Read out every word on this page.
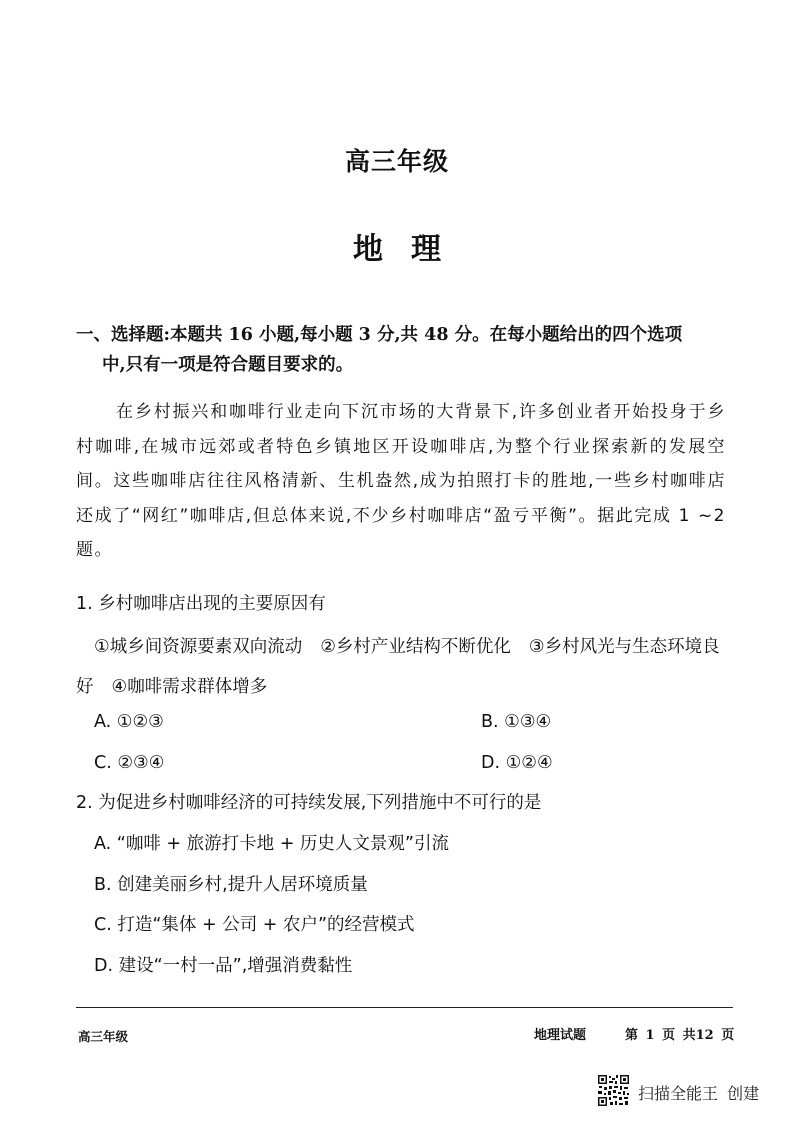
高三年级
地理
一、选择题:本题共 16 小题,每小题 3 分,共 48 分。在每小题给出的四个选项
中,只有一项是符合题目要求的。
在乡村振兴和咖啡行业走向下沉市场的大背景下,许多创业者开始投身于乡村咖啡,在城市远郊或者特色乡镇地区开设咖啡店,为整个行业探索新的发展空间。这些咖啡店往往风格清新、生机盎然,成为拍照打卡的胜地,一些乡村咖啡店还成了“网红”咖啡店,但总体来说,不少乡村咖啡店“盈亏平衡”。据此完成 1 ~2 题。
1. 乡村咖啡店出现的主要原因有
①城乡间资源要素双向流动 ②乡村产业结构不断优化 ③乡村风光与生态环境良好 ④咖啡需求群体增多
A. ①②③	B. ①③④
C. ②③④	D. ①②④
2. 为促进乡村咖啡经济的可持续发展,下列措施中不可行的是
A. “咖啡 + 旅游打卡地 + 历史人文景观”引流
B. 创建美丽乡村,提升人居环境质量
C. 打造“集体 + 公司 + 农户”的经营模式
D. 建设“一村一品”,增强消费黏性
高三年级	地理试题	第 1 页 共12 页
扫描全能王 创建
